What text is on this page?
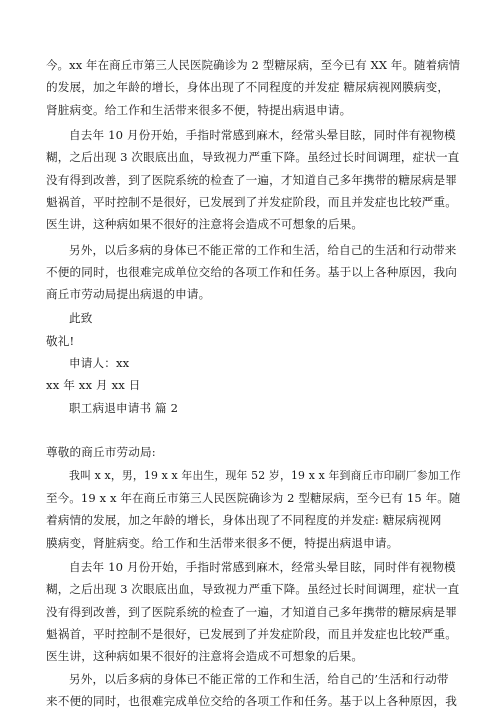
今。xx 年在商丘市第三人民医院确诊为 2 型糖尿病，至今已有 XX 年。随着病情
的发展，加之年龄的增长，身体出现了不同程度的并发症 糖尿病视网膜病变，
肾脏病变。给工作和生活带来很多不便，特提出病退申请。
自去年 10 月份开始，手指时常感到麻木，经常头晕目眩，同时伴有视物模
糊，之后出现 3 次眼底出血，导致视力严重下降。虽经过长时间调理，症状一直
没有得到改善，到了医院系统的检查了一遍，才知道自己多年携带的糖尿病是罪
魁祸首，平时控制不是很好，已发展到了并发症阶段，而且并发症也比较严重。
医生讲，这种病如果不很好的注意将会造成不可想象的后果。
另外，以后多病的身体已不能正常的工作和生活，给自己的生活和行动带来
不便的同时，也很难完成单位交给的各项工作和任务。基于以上各种原因，我向
商丘市劳动局提出病退的申请。
此致
敬礼!
申请人：xx
xx 年 xx 月 xx 日
职工病退申请书 篇 2
尊敬的商丘市劳动局:
我叫 x x，男，19 x x 年出生，现年 52 岁，19 x x 年到商丘市印刷厂参加工作
至今。19 x x 年在商丘市第三人民医院确诊为 2 型糖尿病，至今已有 15 年。随
着病情的发展，加之年龄的增长，身体出现了不同程度的并发症: 糖尿病视网
膜病变，肾脏病变。给工作和生活带来很多不便，特提出病退申请。
自去年 10 月份开始，手指时常感到麻木，经常头晕目眩，同时伴有视物模
糊，之后出现 3 次眼底出血，导致视力严重下降。虽经过长时间调理，症状一直
没有得到改善，到了医院系统的检查了一遍，才知道自己多年携带的糖尿病是罪
魁祸首，平时控制不是很好，已发展到了并发症阶段，而且并发症也比较严重。
医生讲，这种病如果不很好的注意将会造成不可想象的后果。
另外，以后多病的身体已不能正常的工作和生活，给自己的’生活和行动带
来不便的同时，也很难完成单位交给的各项工作和任务。基于以上各种原因，我
